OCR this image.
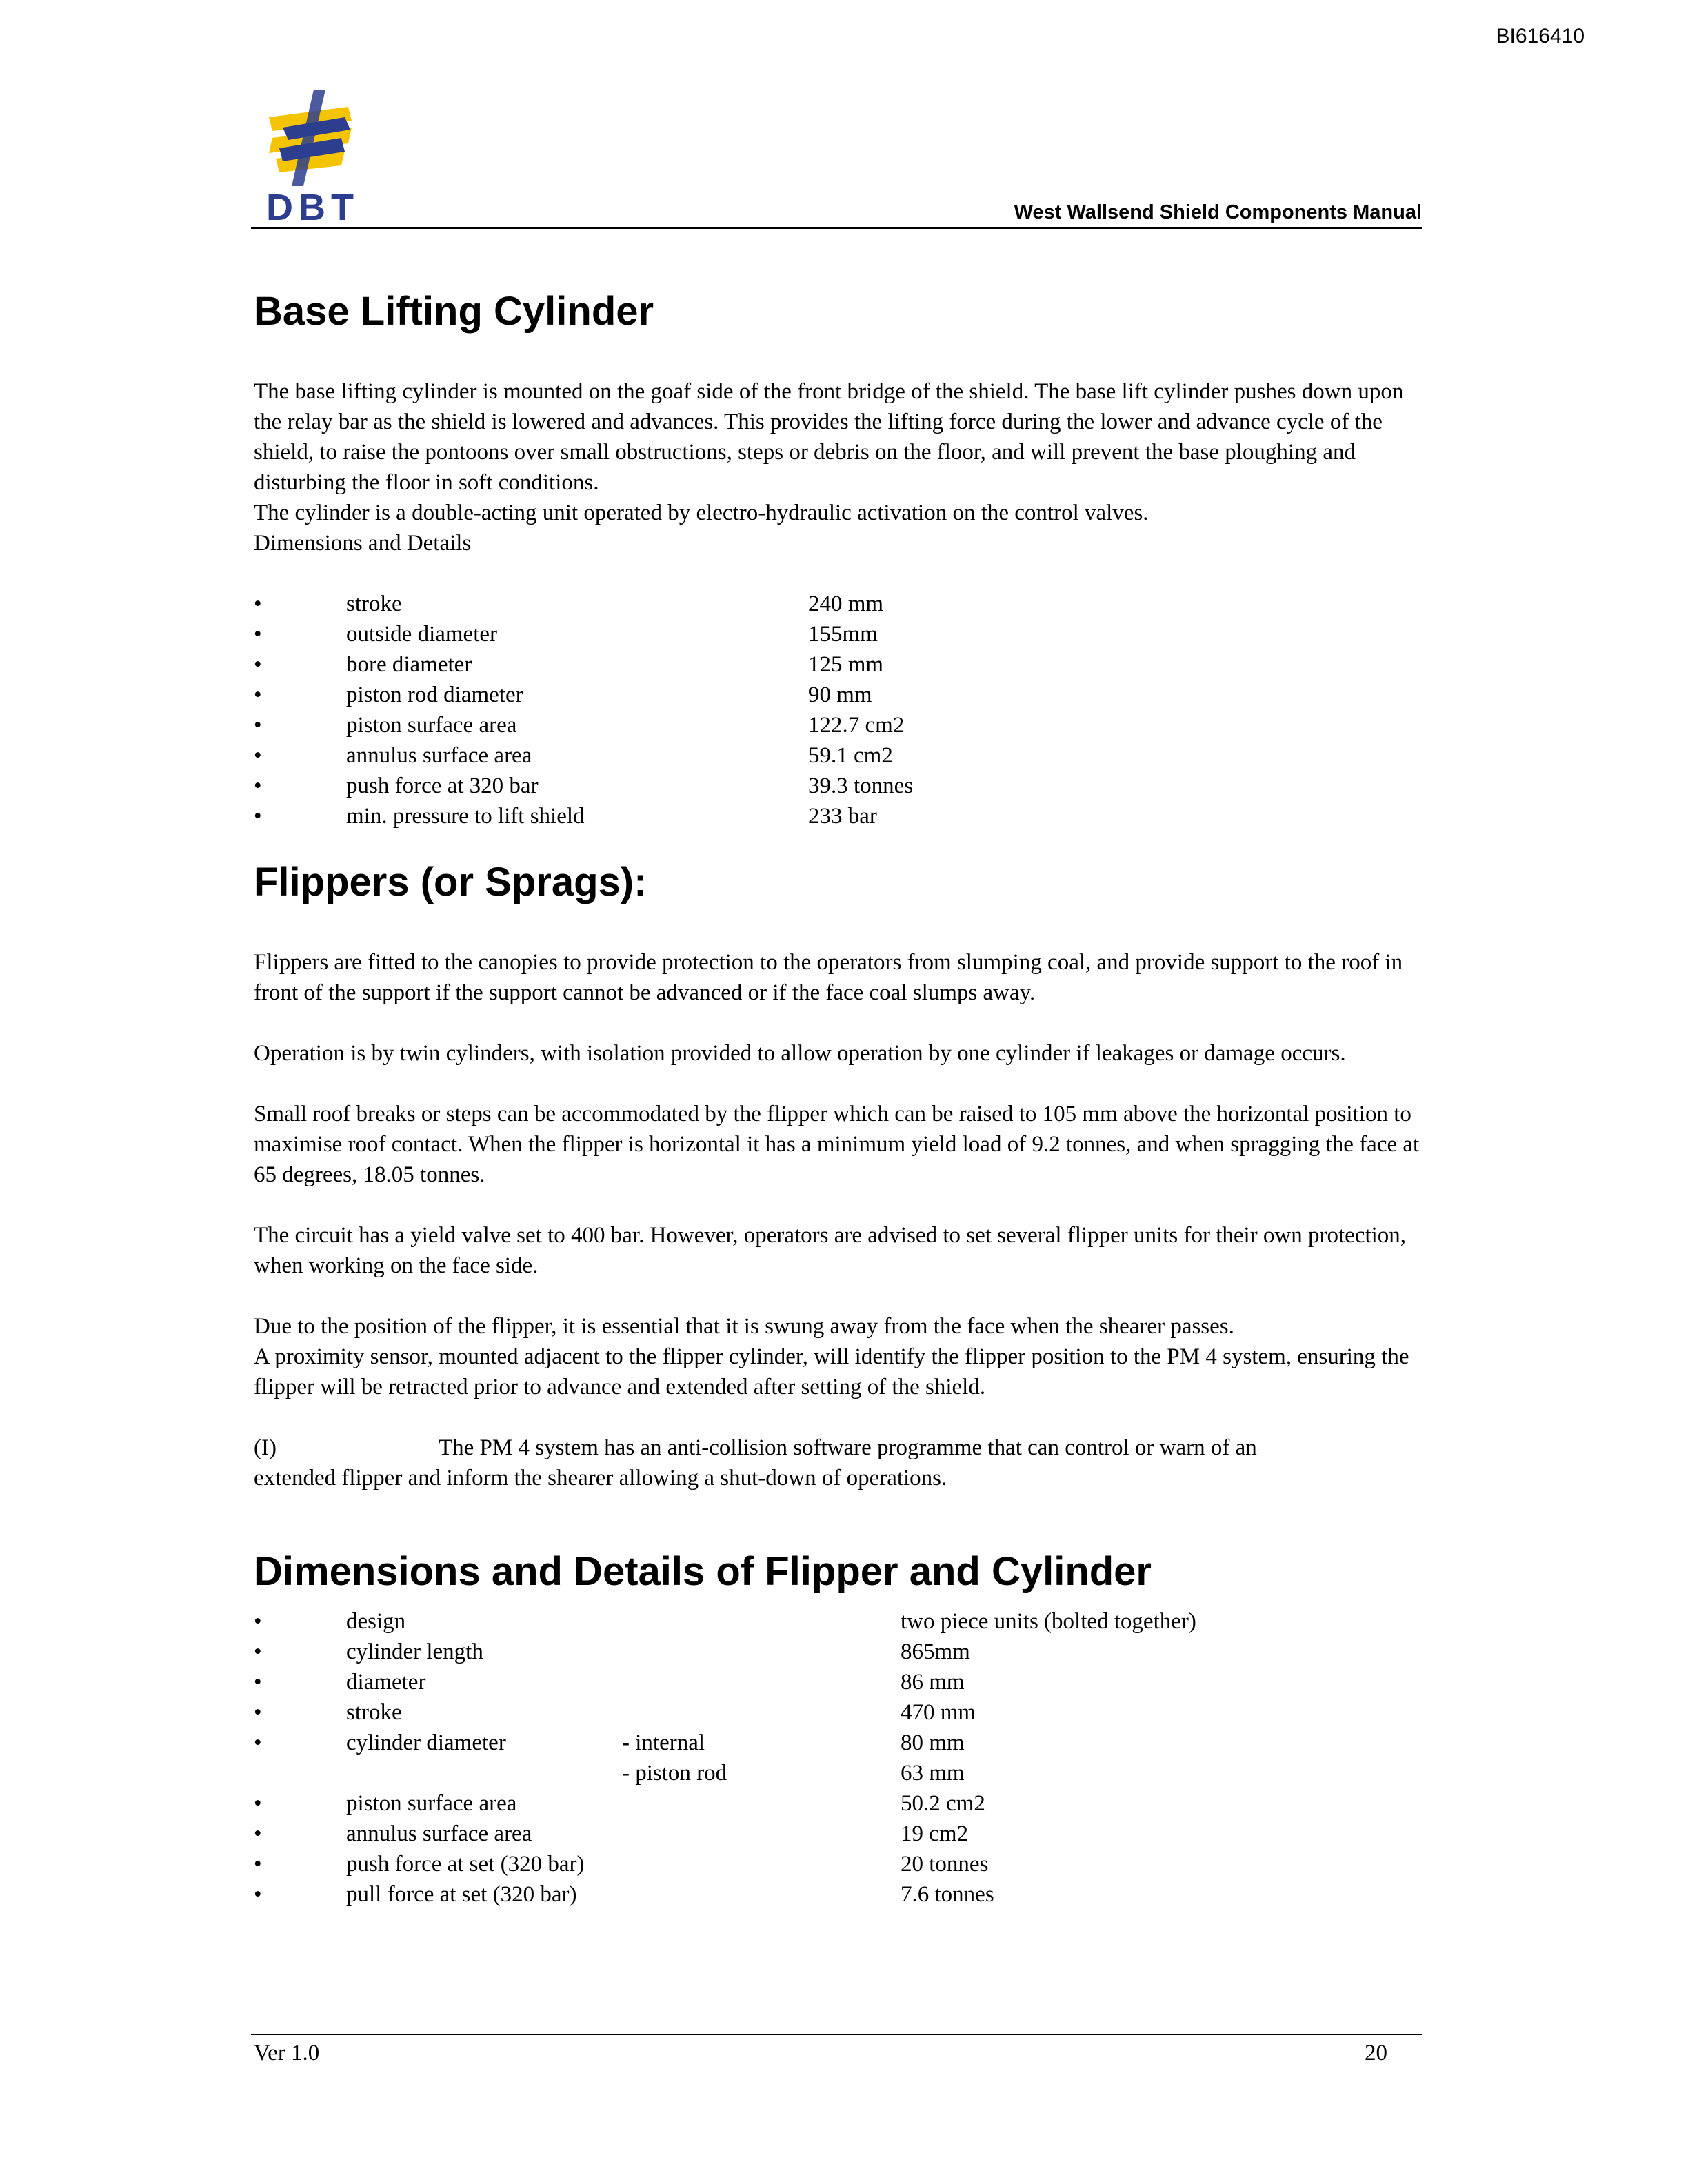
BI616410
DBT	West Wallsend Shield Components Manual
Base Lifting Cylinder

The base lifting cylinder is mounted on the goaf side of the front bridge of the shield. The base lift cylinder pushes down upon the relay bar as the shield is lowered and advances. This provides the lifting force during the lower and advance cycle of the shield, to raise the pontoons over small obstructions, steps or debris on the floor, and will prevent the base ploughing and disturbing the floor in soft conditions.

The cylinder is a double-acting unit operated by electro-hydraulic activation on the control valves.

Dimensions and Details

•	stroke	240 mm
•	outside diameter	155mm
•	bore diameter	125 mm
•	piston rod diameter	90 mm
•	piston surface area	122.7 cm2
•	annulus surface area	59.1 cm2
•	push force at 320 bar	39.3 tonnes
•	min. pressure to lift shield	233 bar
Flippers (or Sprags):

Flippers are fitted to the canopies to provide protection to the operators from slumping coal, and provide support to the roof in front of the support if the support cannot be advanced or if the face coal slumps away.

Operation is by twin cylinders, with isolation provided to allow operation by one cylinder if leakages or damage occurs.

Small roof breaks or steps can be accommodated by the flipper which can be raised to 105 mm above the horizontal position to maximise roof contact. When the flipper is horizontal it has a minimum yield load of 9.2 tonnes, and when spragging the face at 65 degrees, 18.05 tonnes.

The circuit has a yield valve set to 400 bar. However, operators are advised to set several flipper units for their own protection, when working on the face side.

Due to the position of the flipper, it is essential that it is swung away from the face when the shearer passes.

A proximity sensor, mounted adjacent to the flipper cylinder, will identify the flipper position to the PM 4 system, ensuring the flipper will be retracted prior to advance and extended after setting of the shield.

(I)	The PM 4 system has an anti-collision software programme that can control or warn of an

extended flipper and inform the shearer allowing a shut-down of operations.

Dimensions and Details of Flipper and Cylinder
•	design	two piece units (bolted together)
•	cylinder length	865mm
•	diameter	86 mm
•	stroke	470 mm
•	cylinder diameter	- internal	80 mm
- piston rod	63 mm
•	piston surface area	50.2 cm2
•	annulus surface area	19 cm2
•	push force at set (320 bar)	20 tonnes
•	pull force at set (320 bar)	7.6 tonnes
Ver 1.0	20
